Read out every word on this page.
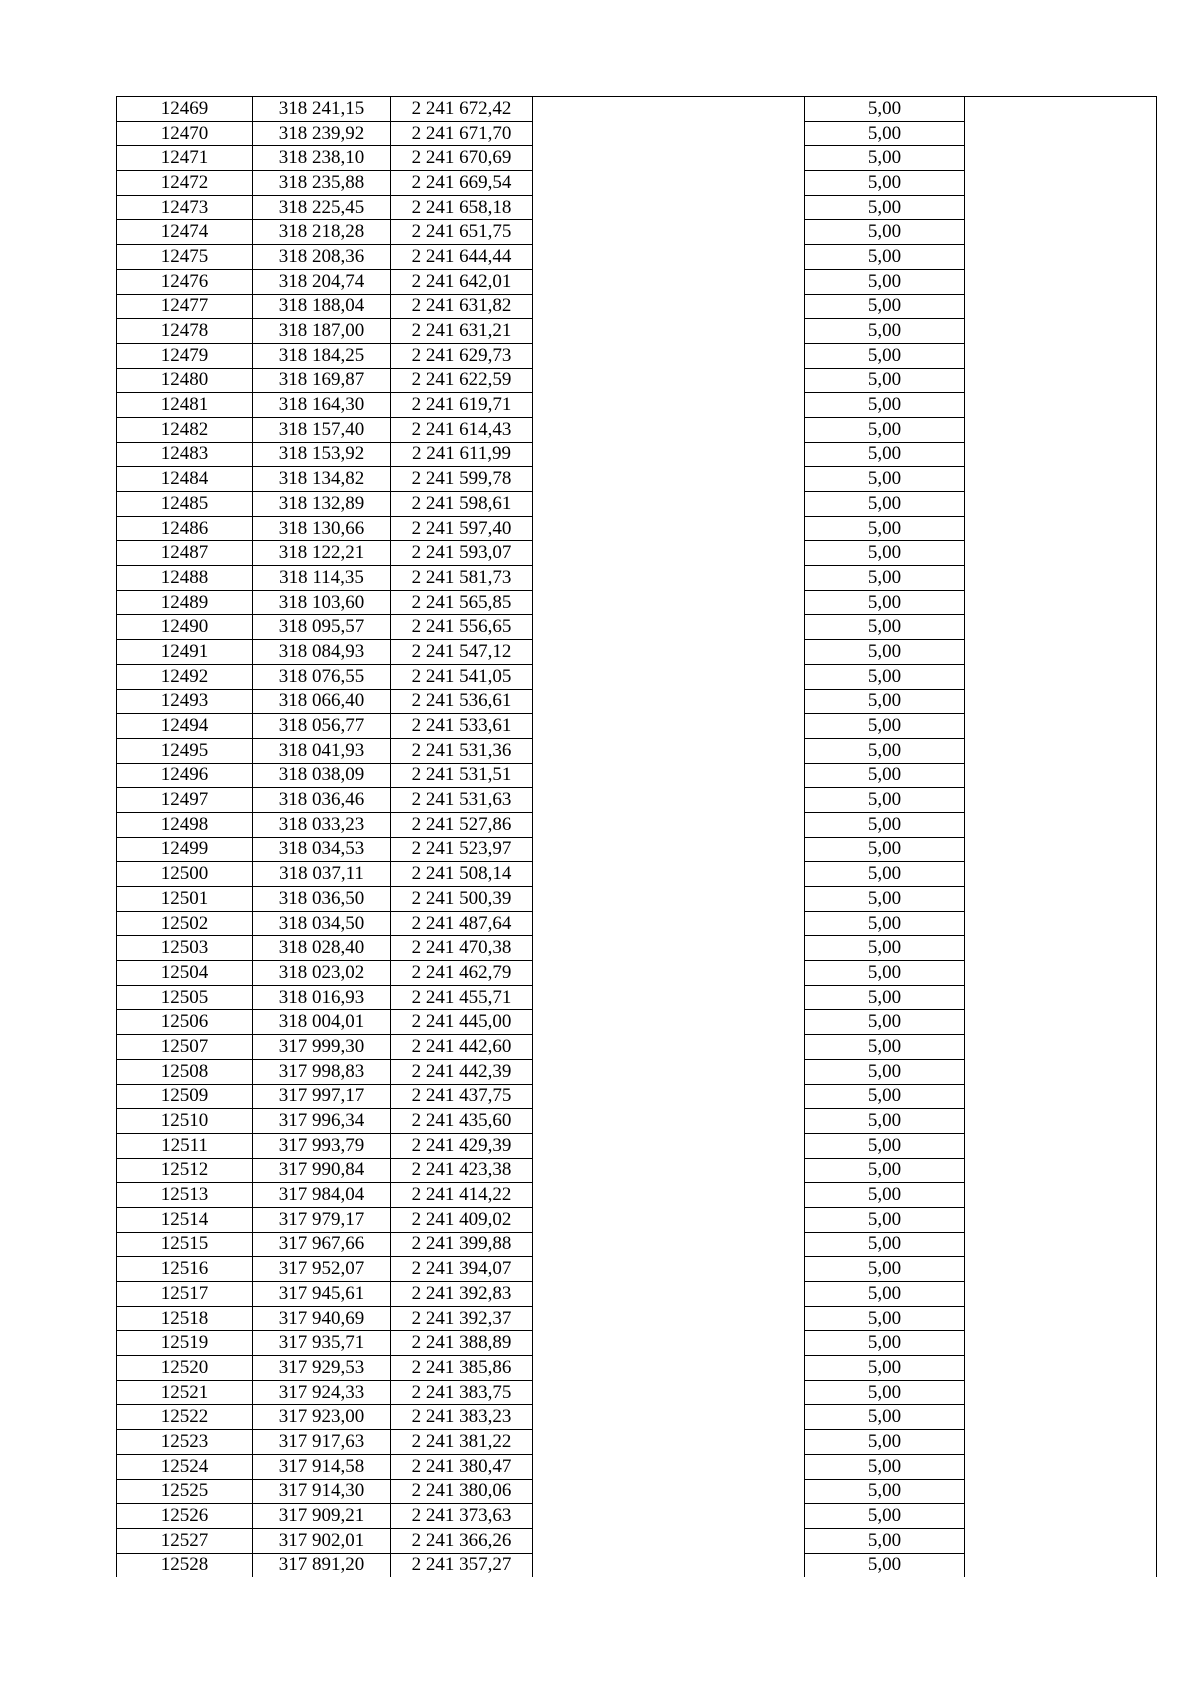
12469	318 241,15	2 241 672,42		5,00	
12470	318 239,92	2 241 671,70		5,00	
12471	318 238,10	2 241 670,69		5,00	
12472	318 235,88	2 241 669,54		5,00	
12473	318 225,45	2 241 658,18		5,00	
12474	318 218,28	2 241 651,75		5,00	
12475	318 208,36	2 241 644,44		5,00	
12476	318 204,74	2 241 642,01		5,00	
12477	318 188,04	2 241 631,82		5,00	
12478	318 187,00	2 241 631,21		5,00	
12479	318 184,25	2 241 629,73		5,00	
12480	318 169,87	2 241 622,59		5,00	
12481	318 164,30	2 241 619,71		5,00	
12482	318 157,40	2 241 614,43		5,00	
12483	318 153,92	2 241 611,99		5,00	
12484	318 134,82	2 241 599,78		5,00	
12485	318 132,89	2 241 598,61		5,00	
12486	318 130,66	2 241 597,40		5,00	
12487	318 122,21	2 241 593,07		5,00	
12488	318 114,35	2 241 581,73		5,00	
12489	318 103,60	2 241 565,85		5,00	
12490	318 095,57	2 241 556,65		5,00	
12491	318 084,93	2 241 547,12		5,00	
12492	318 076,55	2 241 541,05		5,00	
12493	318 066,40	2 241 536,61		5,00	
12494	318 056,77	2 241 533,61		5,00	
12495	318 041,93	2 241 531,36		5,00	
12496	318 038,09	2 241 531,51		5,00	
12497	318 036,46	2 241 531,63		5,00	
12498	318 033,23	2 241 527,86		5,00	
12499	318 034,53	2 241 523,97		5,00	
12500	318 037,11	2 241 508,14		5,00	
12501	318 036,50	2 241 500,39		5,00	
12502	318 034,50	2 241 487,64		5,00	
12503	318 028,40	2 241 470,38		5,00	
12504	318 023,02	2 241 462,79		5,00	
12505	318 016,93	2 241 455,71		5,00	
12506	318 004,01	2 241 445,00		5,00	
12507	317 999,30	2 241 442,60		5,00	
12508	317 998,83	2 241 442,39		5,00	
12509	317 997,17	2 241 437,75		5,00	
12510	317 996,34	2 241 435,60		5,00	
12511	317 993,79	2 241 429,39		5,00	
12512	317 990,84	2 241 423,38		5,00	
12513	317 984,04	2 241 414,22		5,00	
12514	317 979,17	2 241 409,02		5,00	
12515	317 967,66	2 241 399,88		5,00	
12516	317 952,07	2 241 394,07		5,00	
12517	317 945,61	2 241 392,83		5,00	
12518	317 940,69	2 241 392,37		5,00	
12519	317 935,71	2 241 388,89		5,00	
12520	317 929,53	2 241 385,86		5,00	
12521	317 924,33	2 241 383,75		5,00	
12522	317 923,00	2 241 383,23		5,00	
12523	317 917,63	2 241 381,22		5,00	
12524	317 914,58	2 241 380,47		5,00	
12525	317 914,30	2 241 380,06		5,00	
12526	317 909,21	2 241 373,63		5,00	
12527	317 902,01	2 241 366,26		5,00	
12528	317 891,20	2 241 357,27		5,00	
